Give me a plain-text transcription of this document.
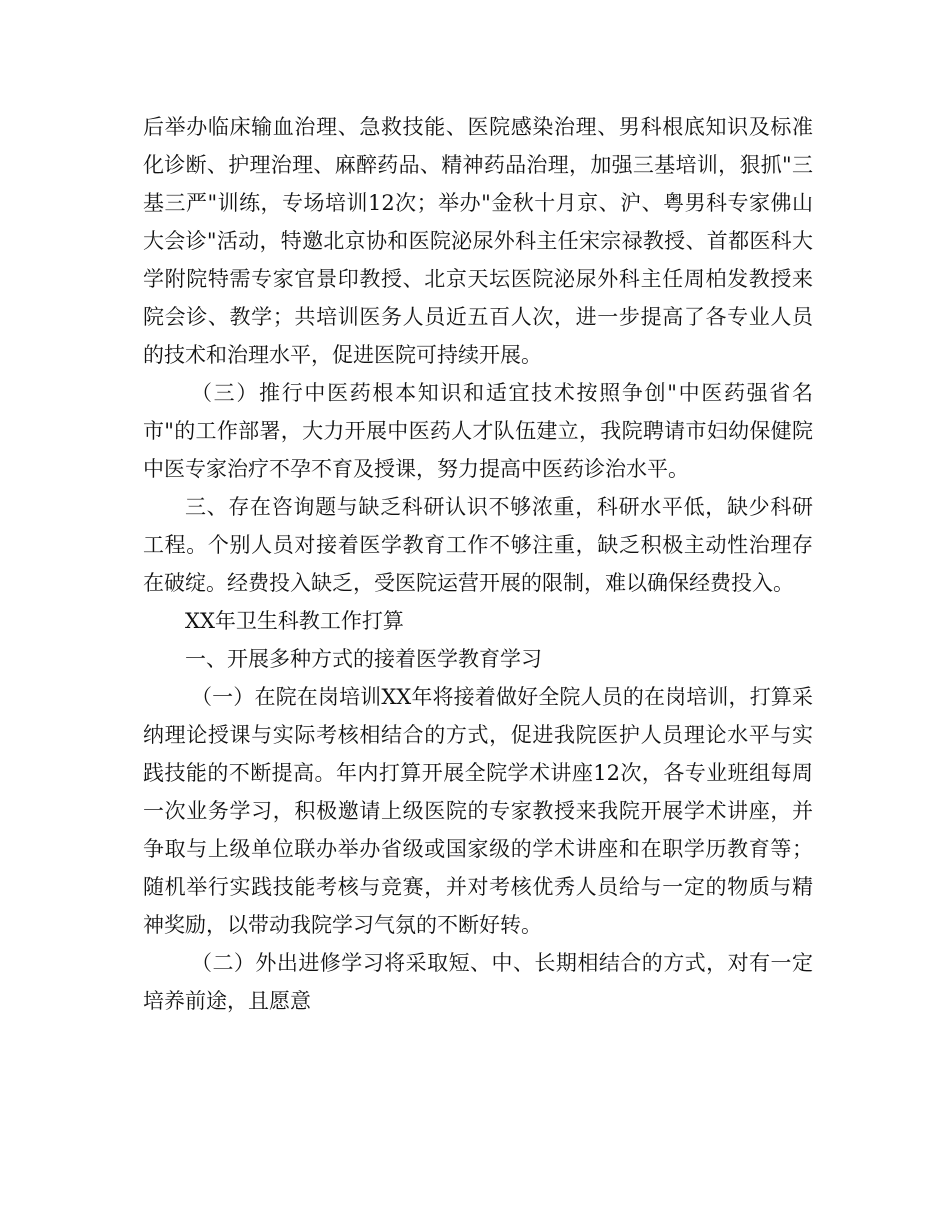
后举办临床输血治理、急救技能、医院感染治理、男科根底知识及标准化诊断、护理治理、麻醉药品、精神药品治理，加强三基培训，狠抓"三基三严"训练，专场培训12次；举办"金秋十月京、沪、粤男科专家佛山大会诊"活动，特邀北京协和医院泌尿外科主任宋宗禄教授、首都医科大学附院特需专家官景印教授、北京天坛医院泌尿外科主任周柏发教授来院会诊、教学；共培训医务人员近五百人次，进一步提高了各专业人员的技术和治理水平，促进医院可持续开展。

（三）推行中医药根本知识和适宜技术按照争创"中医药强省名市"的工作部署，大力开展中医药人才队伍建立，我院聘请市妇幼保健院中医专家治疗不孕不育及授课，努力提高中医药诊治水平。

三、存在咨询题与缺乏科研认识不够浓重，科研水平低，缺少科研工程。个别人员对接着医学教育工作不够注重，缺乏积极主动性治理存在破绽。经费投入缺乏，受医院运营开展的限制，难以确保经费投入。

XX年卫生科教工作打算

一、开展多种方式的接着医学教育学习

（一）在院在岗培训XX年将接着做好全院人员的在岗培训，打算采纳理论授课与实际考核相结合的方式，促进我院医护人员理论水平与实践技能的不断提高。年内打算开展全院学术讲座12次，各专业班组每周一次业务学习，积极邀请上级医院的专家教授来我院开展学术讲座，并争取与上级单位联办举办省级或国家级的学术讲座和在职学历教育等；随机举行实践技能考核与竞赛，并对考核优秀人员给与一定的物质与精神奖励，以带动我院学习气氛的不断好转。

（二）外出进修学习将采取短、中、长期相结合的方式，对有一定培养前途，且愿意
